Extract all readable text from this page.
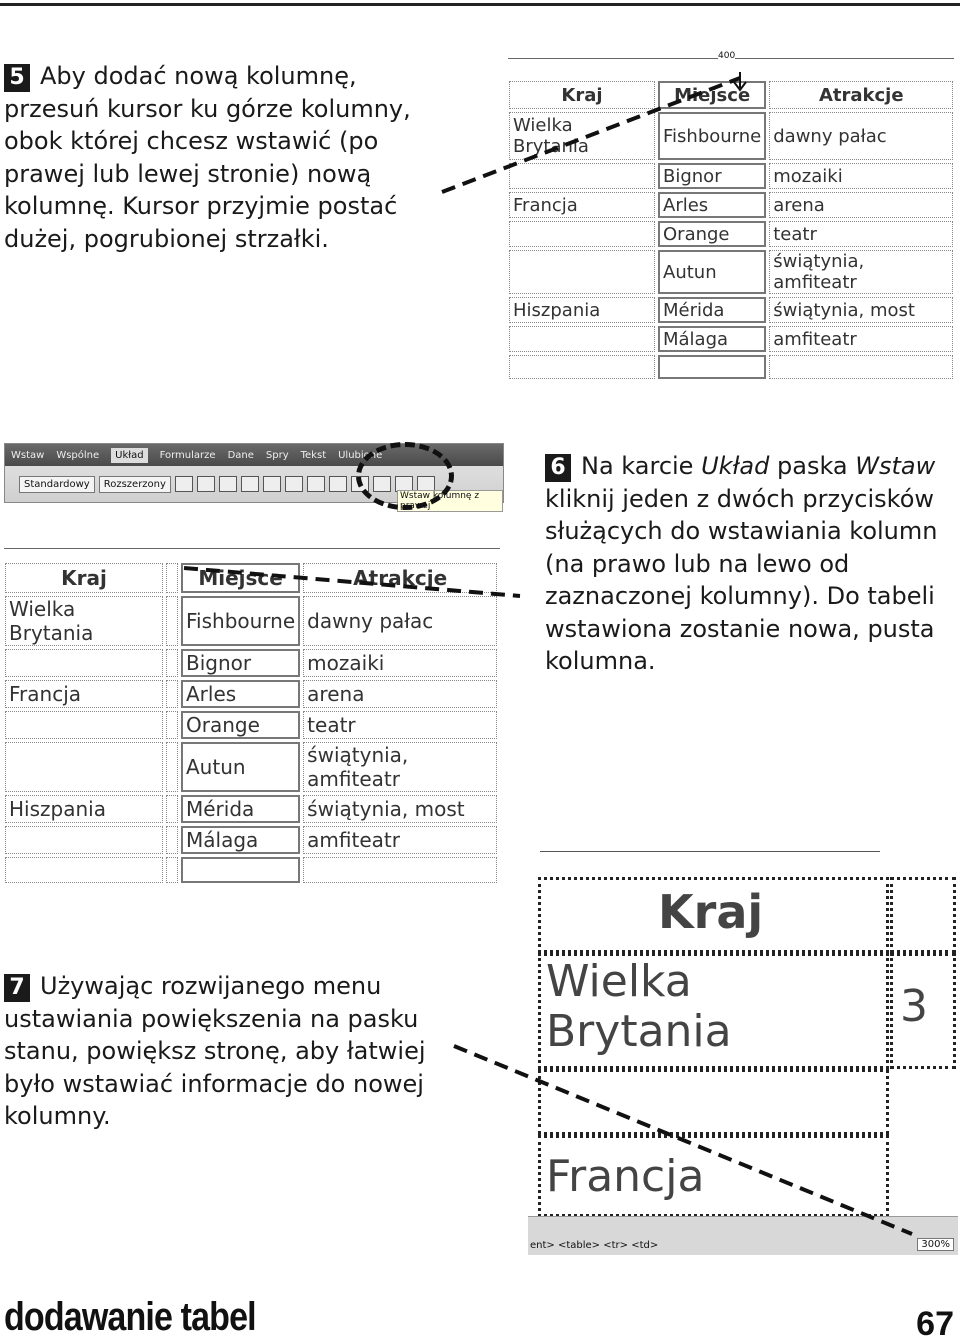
5 Aby dodać nową kolumnę, przesuń kursor ku górze kolumny, obok której chcesz wstawić (po prawej lub lewej stronie) nową kolumnę. Kursor przyjmie postać dużej, pogrubionej strzałki.
400
Kraj	Miejsce	Atrakcje
Wielka Brytania	Fishbourne	dawny pałac
	Bignor	mozaiki
Francja	Arles	arena
	Orange	teatr
	Autun	świątynia, amfiteatr
Hiszpania	Mérida	świątynia, most
	Málaga	amfiteatr

Wstaw Wspólne	Układ	Formularze Dane Spry Tekst Ulubione
Standardowy	Rozszerzony
Wstaw kolumnę z prawej
Kraj		Miejsce	Atrakcje
Wielka Brytania		Fishbourne	dawny pałac
		Bignor	mozaiki
Francja		Arles	arena
		Orange	teatr
		Autun	świątynia, amfiteatr
Hiszpania		Mérida	świątynia, most
		Málaga	amfiteatr

6 Na karcie Układ paska Wstaw kliknij jeden z dwóch przycisków służących do wstawiania kolumn (na prawo lub na lewo od zaznaczonej kolumny). Do tabeli wstawiona zostanie nowa, pusta kolumna.
Kraj
Wielka Brytania	3
Francja
ent> <table> <tr> <td>	300%
7 Używając rozwijanego menu ustawiania powiększenia na pasku stanu, powiększ stronę, aby łatwiej było wstawiać informacje do nowej kolumny.
dodawanie tabel	67
